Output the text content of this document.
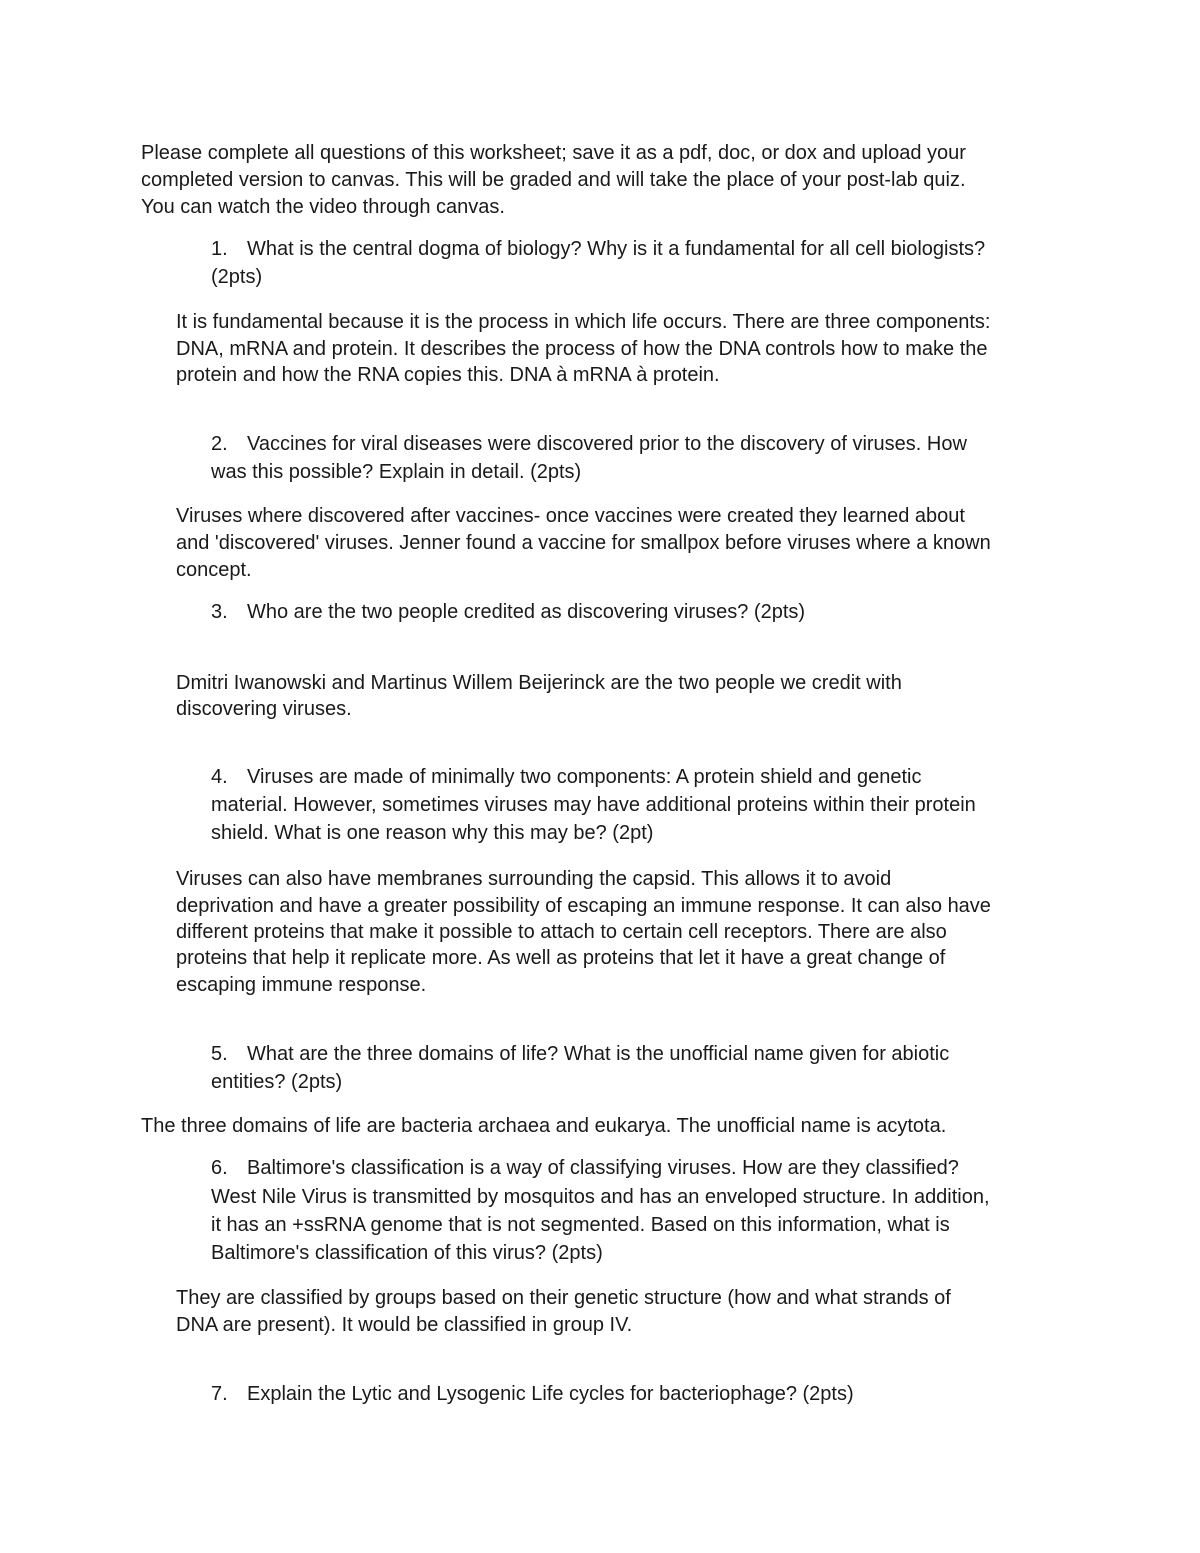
Please complete all questions of this worksheet; save it as a pdf, doc, or dox and upload your

completed version to canvas. This will be graded and will take the place of your post-lab quiz.

You can watch the video through canvas.

1. What is the central dogma of biology? Why is it a fundamental for all cell biologists?

(2pts)

It is fundamental because it is the process in which life occurs. There are three components:

DNA, mRNA and protein. It describes the process of how the DNA controls how to make the

protein and how the RNA copies this. DNA à mRNA à protein.

2. Vaccines for viral diseases were discovered prior to the discovery of viruses. How

was this possible? Explain in detail. (2pts)

Viruses where discovered after vaccines- once vaccines were created they learned about

and 'discovered' viruses. Jenner found a vaccine for smallpox before viruses where a known

concept.

3. Who are the two people credited as discovering viruses? (2pts)

Dmitri Iwanowski and Martinus Willem Beijerinck are the two people we credit with

discovering viruses.

4. Viruses are made of minimally two components: A protein shield and genetic

material. However, sometimes viruses may have additional proteins within their protein

shield. What is one reason why this may be? (2pt)

Viruses can also have membranes surrounding the capsid. This allows it to avoid

deprivation and have a greater possibility of escaping an immune response. It can also have

different proteins that make it possible to attach to certain cell receptors. There are also

proteins that help it replicate more. As well as proteins that let it have a great change of

escaping immune response.

5. What are the three domains of life? What is the unofficial name given for abiotic

entities? (2pts)

The three domains of life are bacteria archaea and eukarya. The unofficial name is acytota.

6. Baltimore's classification is a way of classifying viruses. How are they classified?

West Nile Virus is transmitted by mosquitos and has an enveloped structure. In addition,

it has an +ssRNA genome that is not segmented. Based on this information, what is

Baltimore's classification of this virus? (2pts)

They are classified by groups based on their genetic structure (how and what strands of

DNA are present). It would be classified in group IV.

7. Explain the Lytic and Lysogenic Life cycles for bacteriophage? (2pts)
